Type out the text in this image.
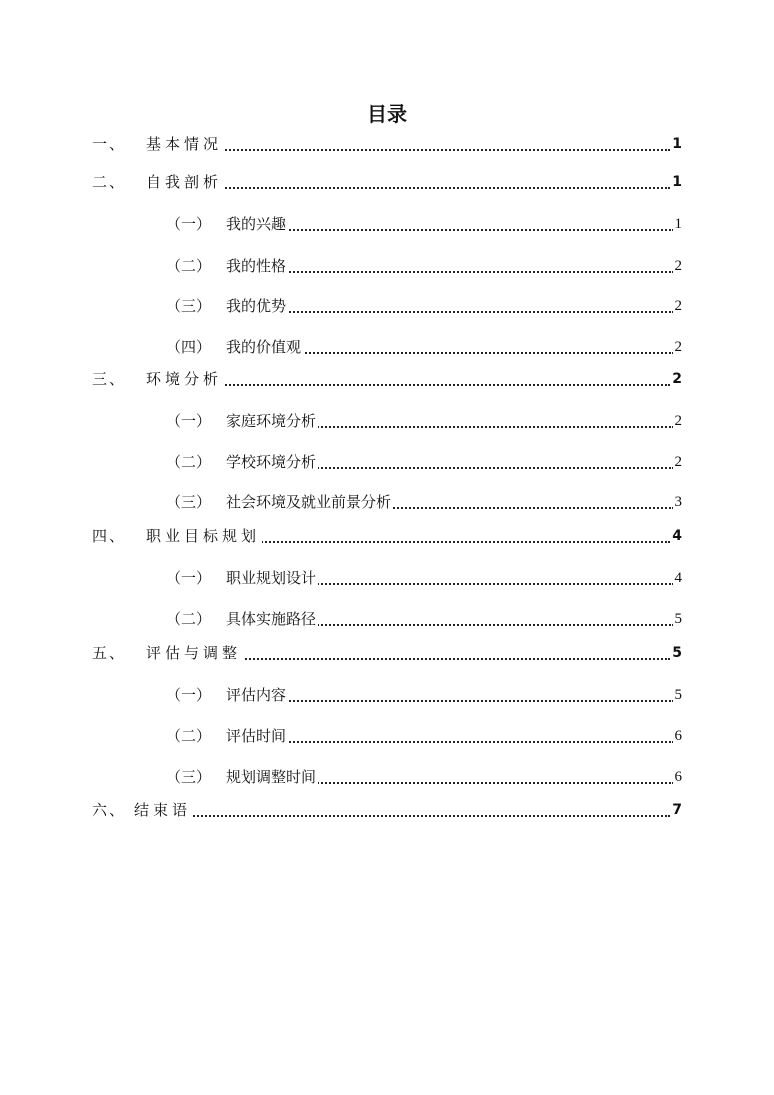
目录
一、 基本情况	1
二、 自我剖析	1
（一） 我的兴趣	1
（二） 我的性格	2
（三） 我的优势	2
（四） 我的价值观	2
三、 环境分析	2
（一） 家庭环境分析	2
（二） 学校环境分析	2
（三） 社会环境及就业前景分析	3
四、 职业目标规划	4
（一） 职业规划设计	4
（二） 具体实施路径	5
五、 评估与调整	5
（一） 评估内容	5
（二） 评估时间	6
（三） 规划调整时间	6
六、 结束语	7
